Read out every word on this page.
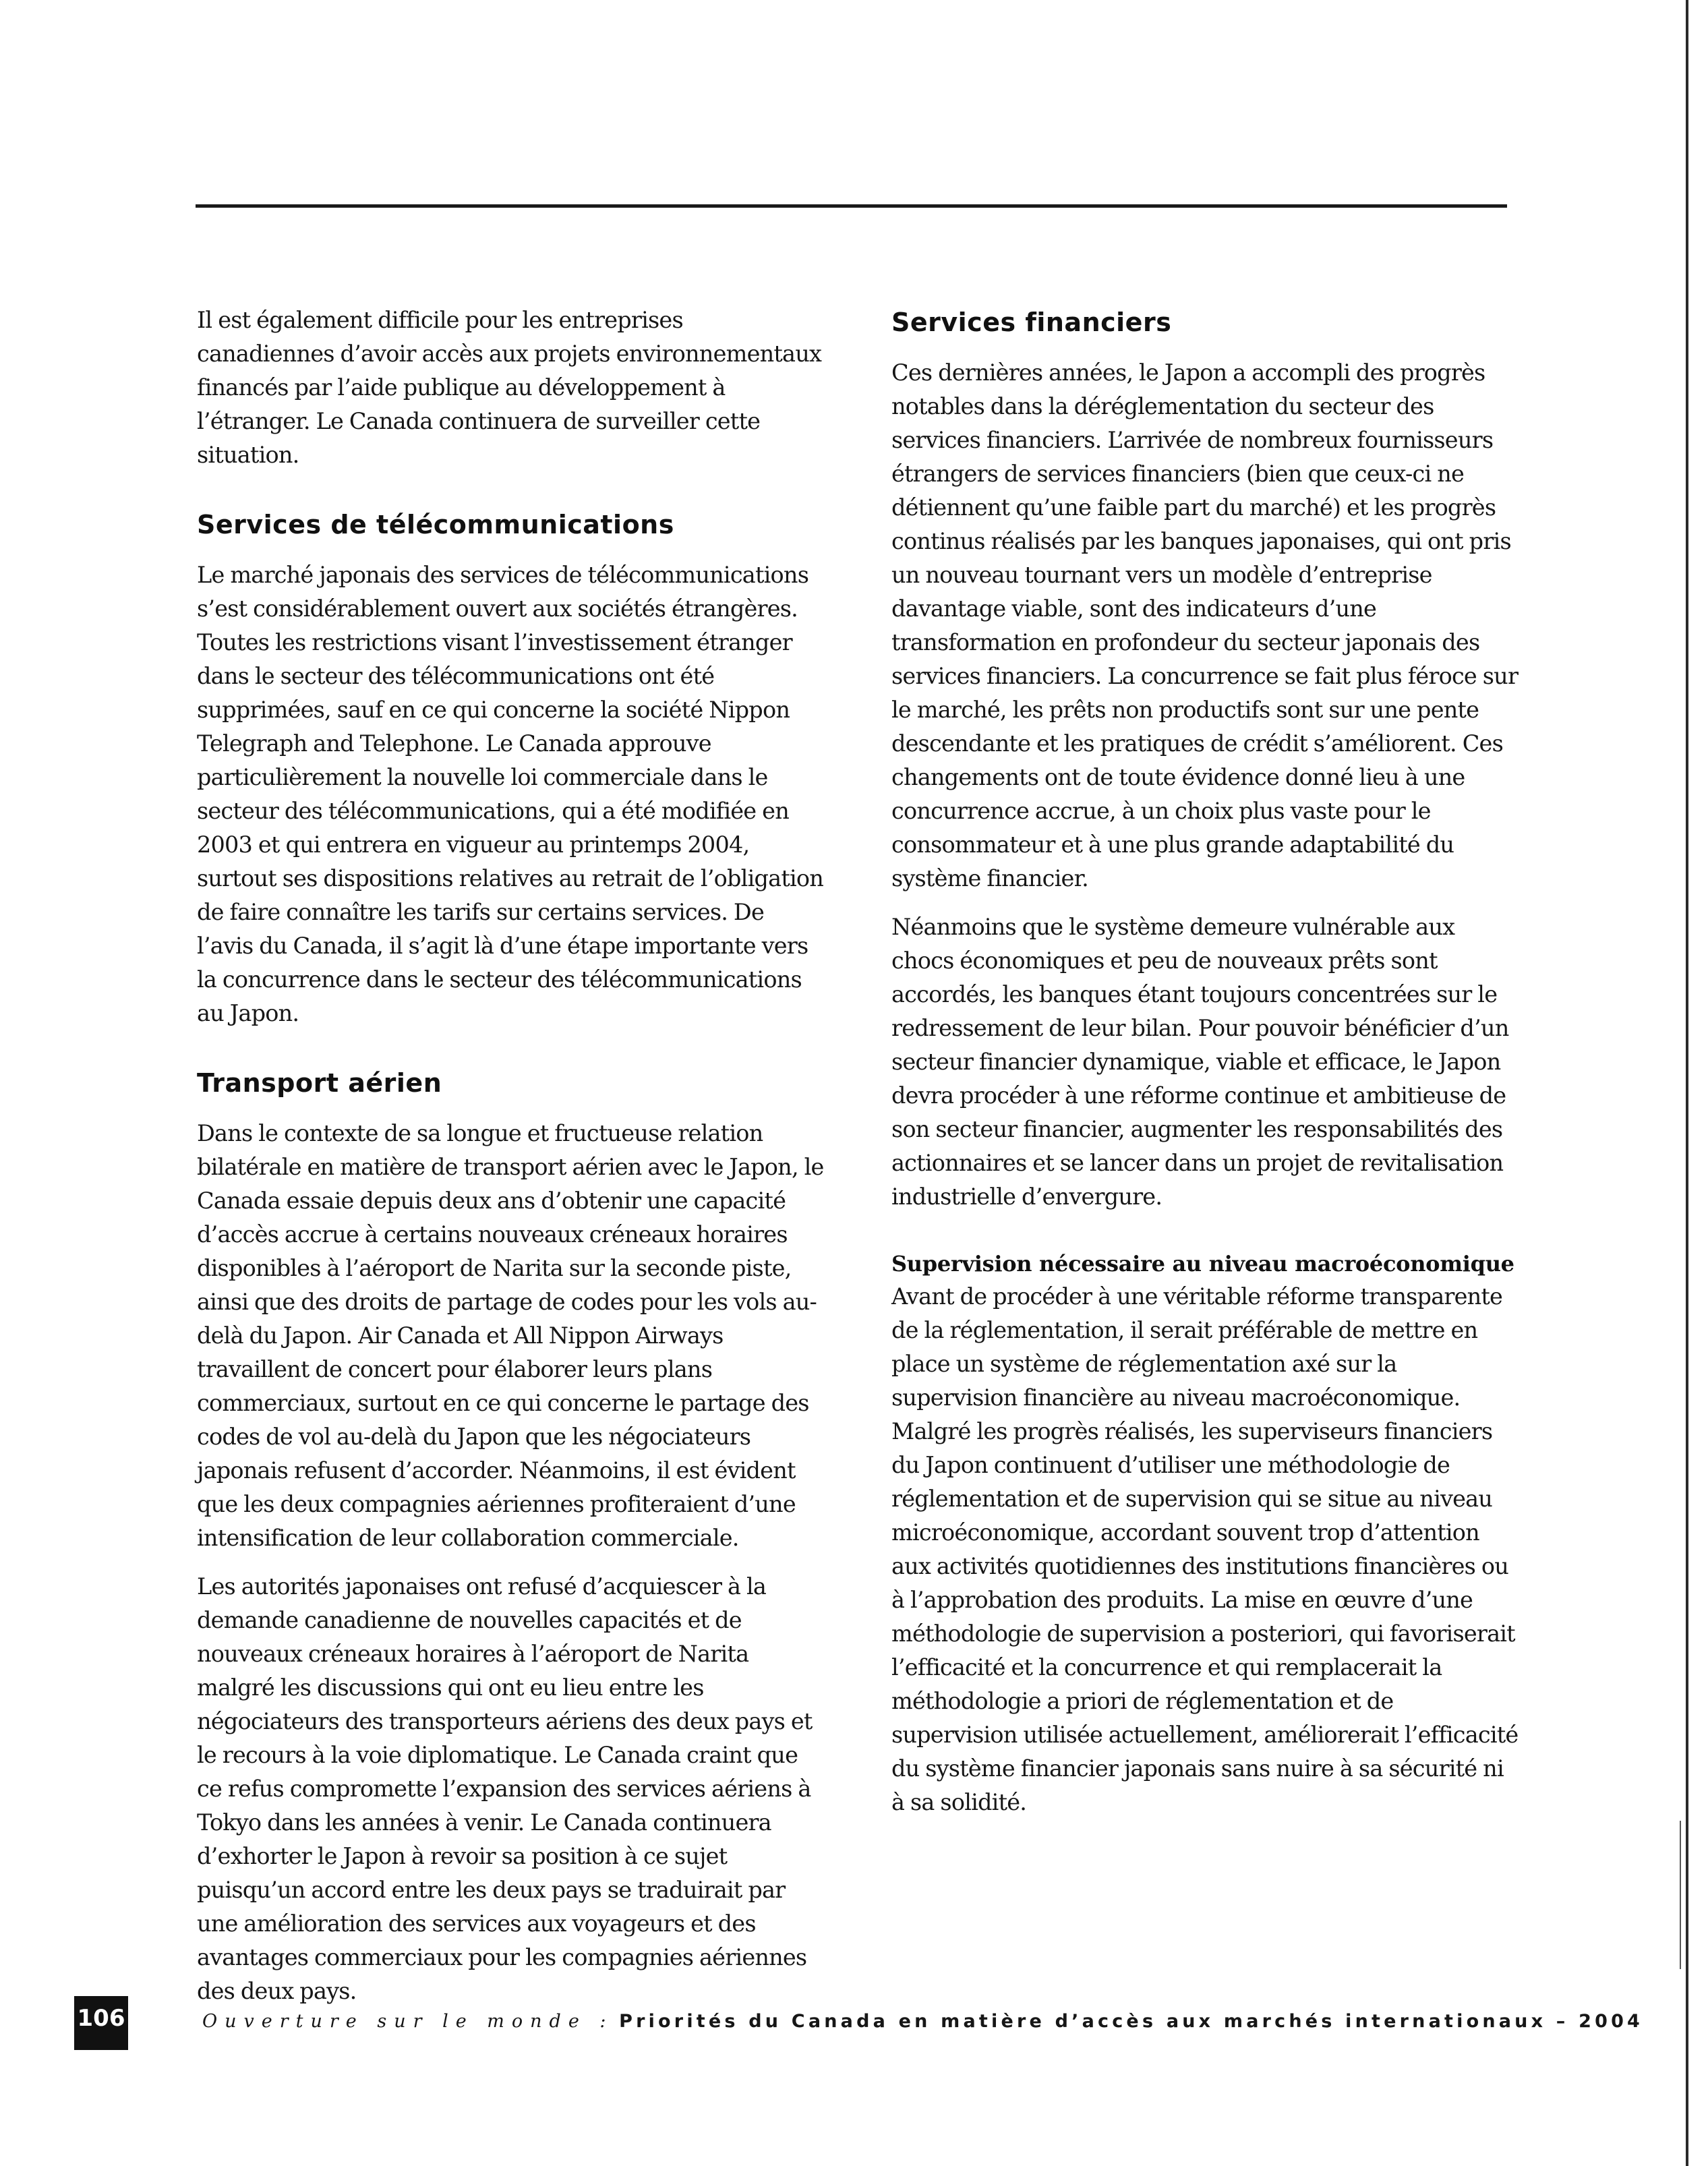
Il est également difficile pour les entreprises canadiennes d’avoir accès aux projets environnementaux financés par l’aide publique au développement à l’étranger. Le Canada continuera de surveiller cette situation.

Services de télécommunications

Le marché japonais des services de télécommunications s’est considérablement ouvert aux sociétés étrangères. Toutes les restrictions visant l’investissement étranger dans le secteur des télécommunications ont été supprimées, sauf en ce qui concerne la société Nippon Telegraph and Telephone. Le Canada approuve particulièrement la nouvelle loi commerciale dans le secteur des télécommunications, qui a été modifiée en 2003 et qui entrera en vigueur au printemps 2004, surtout ses dispositions relatives au retrait de l’obligation de faire connaître les tarifs sur certains services. De l’avis du Canada, il s’agit là d’une étape importante vers la concurrence dans le secteur des télécommunications au Japon.

Transport aérien

Dans le contexte de sa longue et fructueuse relation bilatérale en matière de transport aérien avec le Japon, le Canada essaie depuis deux ans d’obtenir une capacité d’accès accrue à certains nouveaux créneaux horaires disponibles à l’aéroport de Narita sur la seconde piste, ainsi que des droits de partage de codes pour les vols au-delà du Japon. Air Canada et All Nippon Airways travaillent de concert pour élaborer leurs plans commerciaux, surtout en ce qui concerne le partage des codes de vol au-delà du Japon que les négociateurs japonais refusent d’accorder. Néanmoins, il est évident que les deux compagnies aériennes profiteraient d’une intensification de leur collaboration commerciale.

Les autorités japonaises ont refusé d’acquiescer à la demande canadienne de nouvelles capacités et de nouveaux créneaux horaires à l’aéroport de Narita malgré les discussions qui ont eu lieu entre les négociateurs des transporteurs aériens des deux pays et le recours à la voie diplomatique. Le Canada craint que ce refus compromette l’expansion des services aériens à Tokyo dans les années à venir. Le Canada continuera d’exhorter le Japon à revoir sa position à ce sujet puisqu’un accord entre les deux pays se traduirait par une amélioration des services aux voyageurs et des avantages commerciaux pour les compagnies aériennes des deux pays.

Services financiers

Ces dernières années, le Japon a accompli des progrès notables dans la déréglementation du secteur des services financiers. L’arrivée de nombreux fournisseurs étrangers de services financiers (bien que ceux-ci ne détiennent qu’une faible part du marché) et les progrès continus réalisés par les banques japonaises, qui ont pris un nouveau tournant vers un modèle d’entreprise davantage viable, sont des indicateurs d’une transformation en profondeur du secteur japonais des services financiers. La concurrence se fait plus féroce sur le marché, les prêts non productifs sont sur une pente descendante et les pratiques de crédit s’améliorent. Ces changements ont de toute évidence donné lieu à une concurrence accrue, à un choix plus vaste pour le consommateur et à une plus grande adaptabilité du système financier.

Néanmoins que le système demeure vulnérable aux chocs économiques et peu de nouveaux prêts sont accordés, les banques étant toujours concentrées sur le redressement de leur bilan. Pour pouvoir bénéficier d’un secteur financier dynamique, viable et efficace, le Japon devra procéder à une réforme continue et ambitieuse de son secteur financier, augmenter les responsabilités des actionnaires et se lancer dans un projet de revitalisation industrielle d’envergure.

Supervision nécessaire au niveau macroéconomique

Avant de procéder à une véritable réforme transparente de la réglementation, il serait préférable de mettre en place un système de réglementation axé sur la supervision financière au niveau macroéconomique. Malgré les progrès réalisés, les superviseurs financiers du Japon continuent d’utiliser une méthodologie de réglementation et de supervision qui se situe au niveau microéconomique, accordant souvent trop d’attention aux activités quotidiennes des institutions financières ou à l’approbation des produits. La mise en œuvre d’une méthodologie de supervision a posteriori, qui favoriserait l’efficacité et la concurrence et qui remplacerait la méthodologie a priori de réglementation et de supervision utilisée actuellement, améliorerait l’efficacité du système financier japonais sans nuire à sa sécurité ni à sa solidité.

106	Ouverture sur le monde : Priorités du Canada en matière d’accès aux marchés internationaux – 2004
